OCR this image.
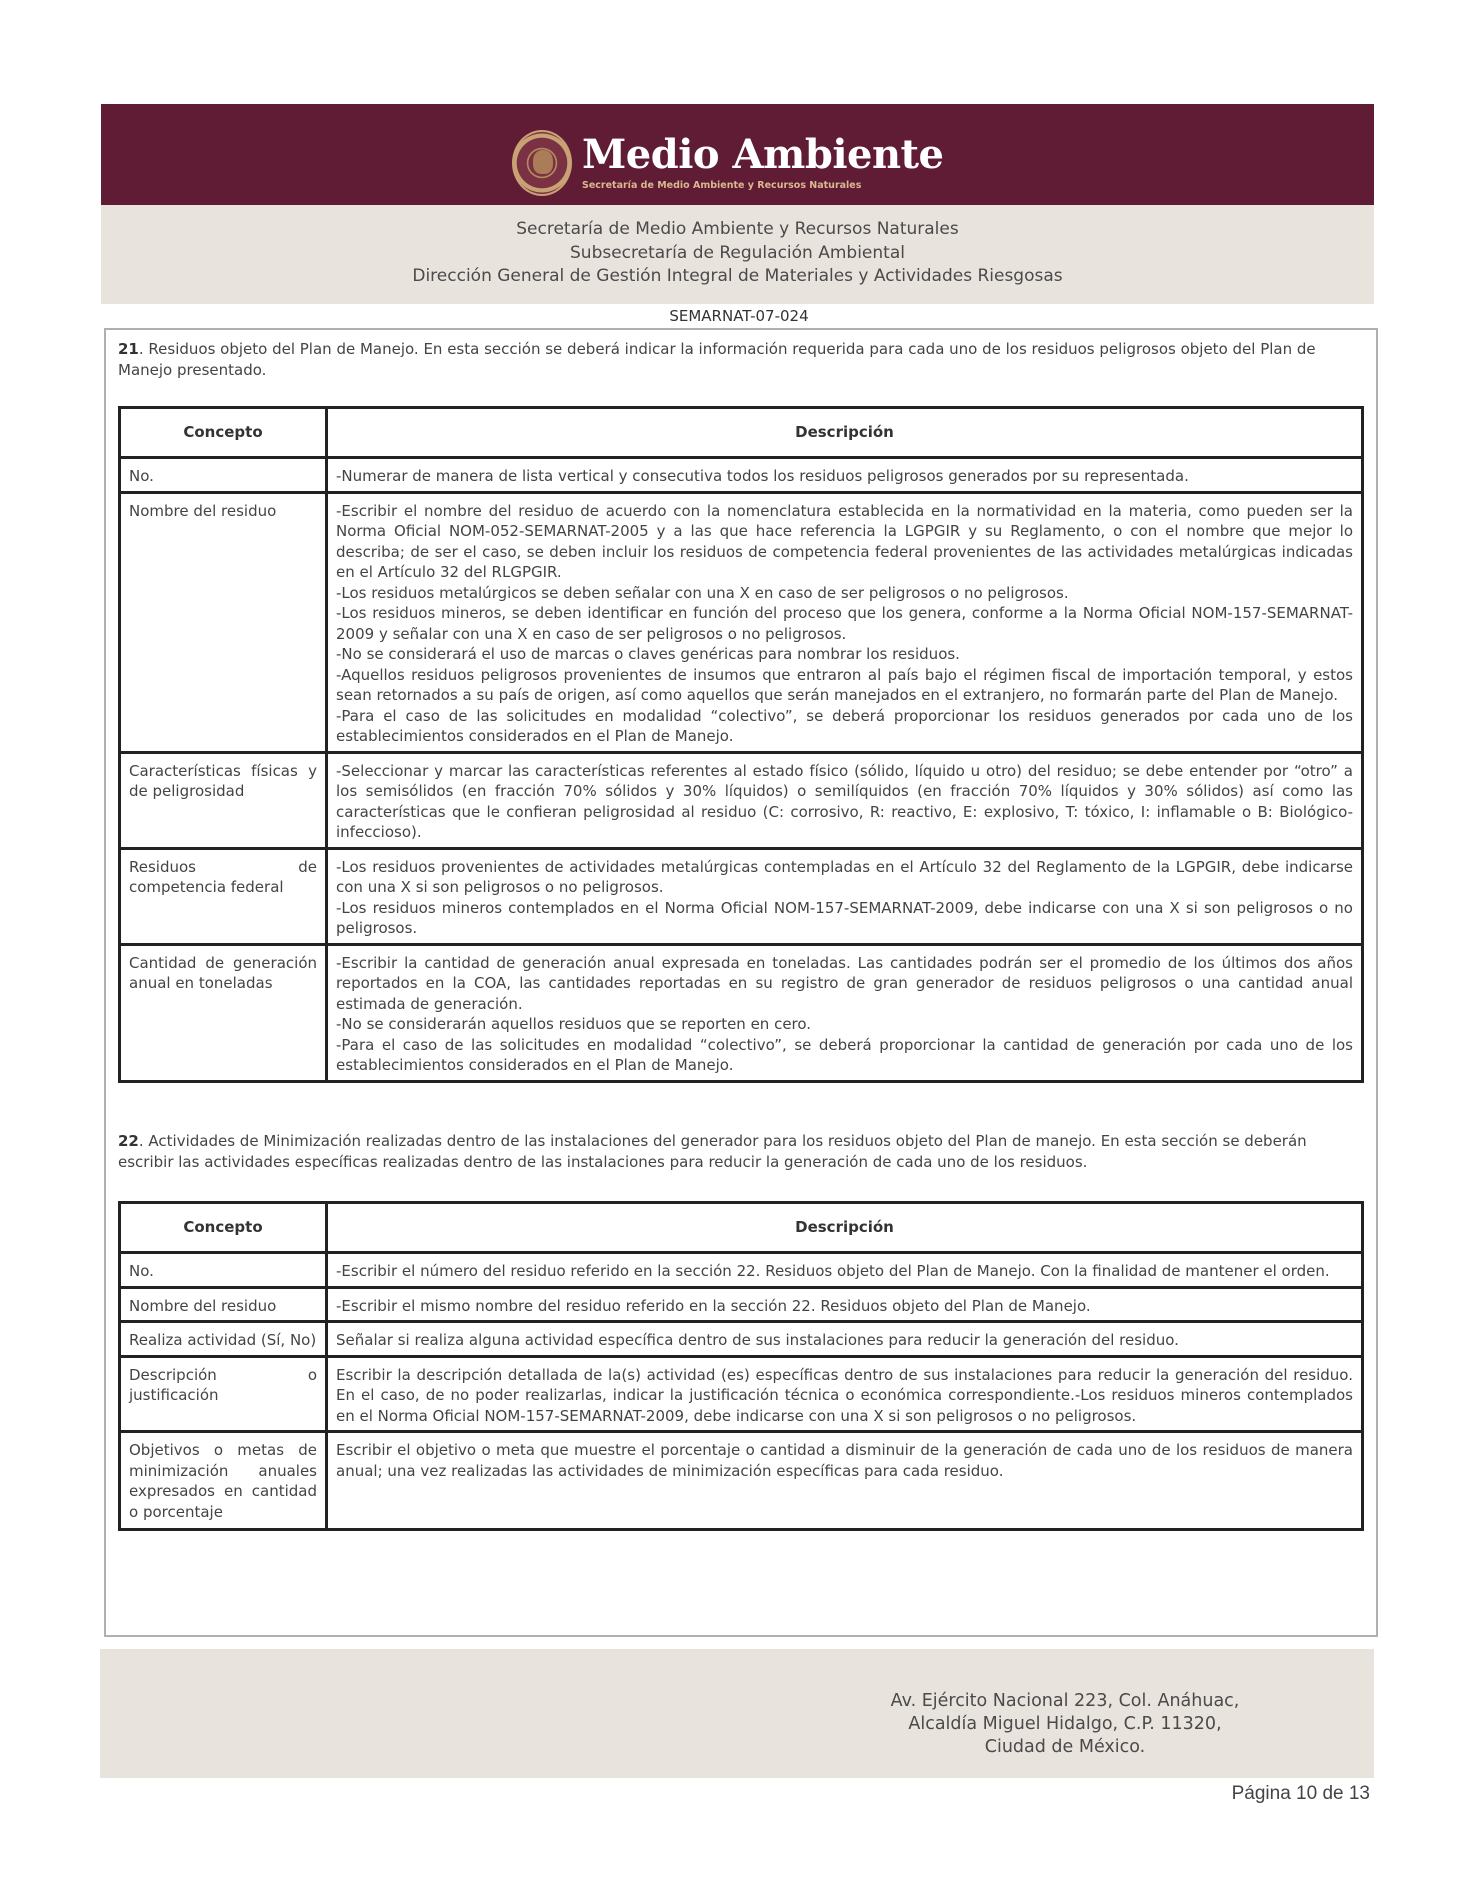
Medio Ambiente
Secretaría de Medio Ambiente y Recursos Naturales
Secretaría de Medio Ambiente y Recursos Naturales
Subsecretaría de Regulación Ambiental
Dirección General de Gestión Integral de Materiales y Actividades Riesgosas
SEMARNAT-07-024
21. Residuos objeto del Plan de Manejo. En esta sección se deberá indicar la información requerida para cada uno de los residuos peligrosos objeto del Plan de Manejo presentado.
Concepto	Descripción
No.	-Numerar de manera de lista vertical y consecutiva todos los residuos peligrosos generados por su representada.

Nombre del residuo	-Escribir el nombre del residuo de acuerdo con la nomenclatura establecida en la normatividad en la materia, como pueden ser la Norma Oficial NOM-052-SEMARNAT-2005 y a las que hace referencia la LGPGIR y su Reglamento, o con el nombre que mejor lo describa; de ser el caso, se deben incluir los residuos de competencia federal provenientes de las actividades metalúrgicas indicadas en el Artículo 32 del RLGPGIR.
-Los residuos metalúrgicos se deben señalar con una X en caso de ser peligrosos o no peligrosos.
-Los residuos mineros, se deben identificar en función del proceso que los genera, conforme a la Norma Oficial NOM-157-SEMARNAT-2009 y señalar con una X en caso de ser peligrosos o no peligrosos.
-No se considerará el uso de marcas o claves genéricas para nombrar los residuos.
-Aquellos residuos peligrosos provenientes de insumos que entraron al país bajo el régimen fiscal de importación temporal, y estos sean retornados a su país de origen, así como aquellos que serán manejados en el extranjero, no formarán parte del Plan de Manejo.
-Para el caso de las solicitudes en modalidad “colectivo”, se deberá proporcionar los residuos generados por cada uno de los establecimientos considerados en el Plan de Manejo.

Características físicas y de peligrosidad	-Seleccionar y marcar las características referentes al estado físico (sólido, líquido u otro) del residuo; se debe entender por “otro” a los semisólidos (en fracción 70% sólidos y 30% líquidos) o semilíquidos (en fracción 70% líquidos y 30% sólidos) así como las características que le confieran peligrosidad al residuo (C: corrosivo, R: reactivo, E: explosivo, T: tóxico, I: inflamable o B: Biológico-infeccioso).

Residuos de competencia federal	-Los residuos provenientes de actividades metalúrgicas contempladas en el Artículo 32 del Reglamento de la LGPGIR, debe indicarse con una X si son peligrosos o no peligrosos.
-Los residuos mineros contemplados en el Norma Oficial NOM-157-SEMARNAT-2009, debe indicarse con una X si son peligrosos o no peligrosos.

Cantidad de generación anual en toneladas	-Escribir la cantidad de generación anual expresada en toneladas. Las cantidades podrán ser el promedio de los últimos dos años reportados en la COA, las cantidades reportadas en su registro de gran generador de residuos peligrosos o una cantidad anual estimada de generación.
-No se considerarán aquellos residuos que se reporten en cero.
-Para el caso de las solicitudes en modalidad “colectivo”, se deberá proporcionar la cantidad de generación por cada uno de los establecimientos considerados en el Plan de Manejo.
22. Actividades de Minimización realizadas dentro de las instalaciones del generador para los residuos objeto del Plan de manejo. En esta sección se deberán escribir las actividades específicas realizadas dentro de las instalaciones para reducir la generación de cada uno de los residuos.
Concepto	Descripción
No.	-Escribir el número del residuo referido en la sección 22. Residuos objeto del Plan de Manejo. Con la finalidad de mantener el orden.

Nombre del residuo	-Escribir el mismo nombre del residuo referido en la sección 22. Residuos objeto del Plan de Manejo.

Realiza actividad (Sí, No)	Señalar si realiza alguna actividad específica dentro de sus instalaciones para reducir la generación del residuo.

Descripción o justificación	Escribir la descripción detallada de la(s) actividad (es) específicas dentro de sus instalaciones para reducir la generación del residuo. En el caso, de no poder realizarlas, indicar la justificación técnica o económica correspondiente.-Los residuos mineros contemplados en el Norma Oficial NOM-157-SEMARNAT-2009, debe indicarse con una X si son peligrosos o no peligrosos.

Objetivos o metas de minimización anuales expresados en cantidad o porcentaje	Escribir el objetivo o meta que muestre el porcentaje o cantidad a disminuir de la generación de cada uno de los residuos de manera anual; una vez realizadas las actividades de minimización específicas para cada residuo.
Av. Ejército Nacional 223, Col. Anáhuac,
Alcaldía Miguel Hidalgo, C.P. 11320,
Ciudad de México.
Página 10 de 13
